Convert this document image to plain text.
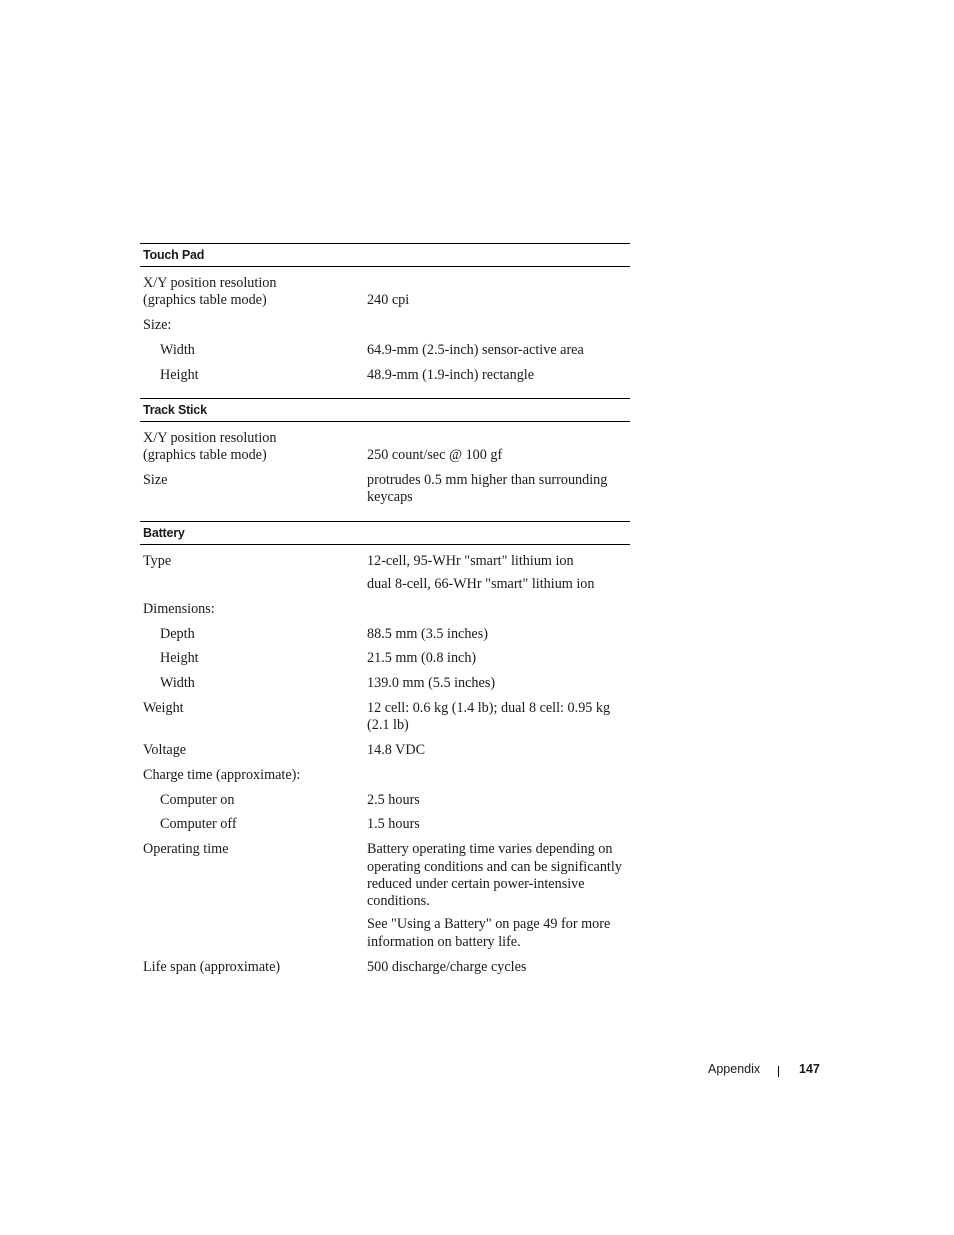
Touch Pad
X/Y position resolution
(graphics table mode)	240 cpi
Size:
Width	64.9-mm (2.5-inch) sensor-active area
Height	48.9-mm (1.9-inch) rectangle
Track Stick
X/Y position resolution
(graphics table mode)	250 count/sec @ 100 gf
Size	protrudes 0.5 mm higher than surrounding keycaps
Battery
Type	12-cell, 95-WHr "smart" lithium ion
dual 8-cell, 66-WHr "smart" lithium ion
Dimensions:
Depth	88.5 mm (3.5 inches)
Height	21.5 mm (0.8 inch)
Width	139.0 mm (5.5 inches)
Weight	12 cell: 0.6 kg (1.4 lb); dual 8 cell: 0.95 kg (2.1 lb)
Voltage	14.8 VDC
Charge time (approximate):
Computer on	2.5 hours
Computer off	1.5 hours
Operating time	Battery operating time varies depending on operating conditions and can be significantly reduced under certain power-intensive conditions.
See "Using a Battery" on page 49 for more information on battery life.
Life span (approximate)	500 discharge/charge cycles
Appendix	147
